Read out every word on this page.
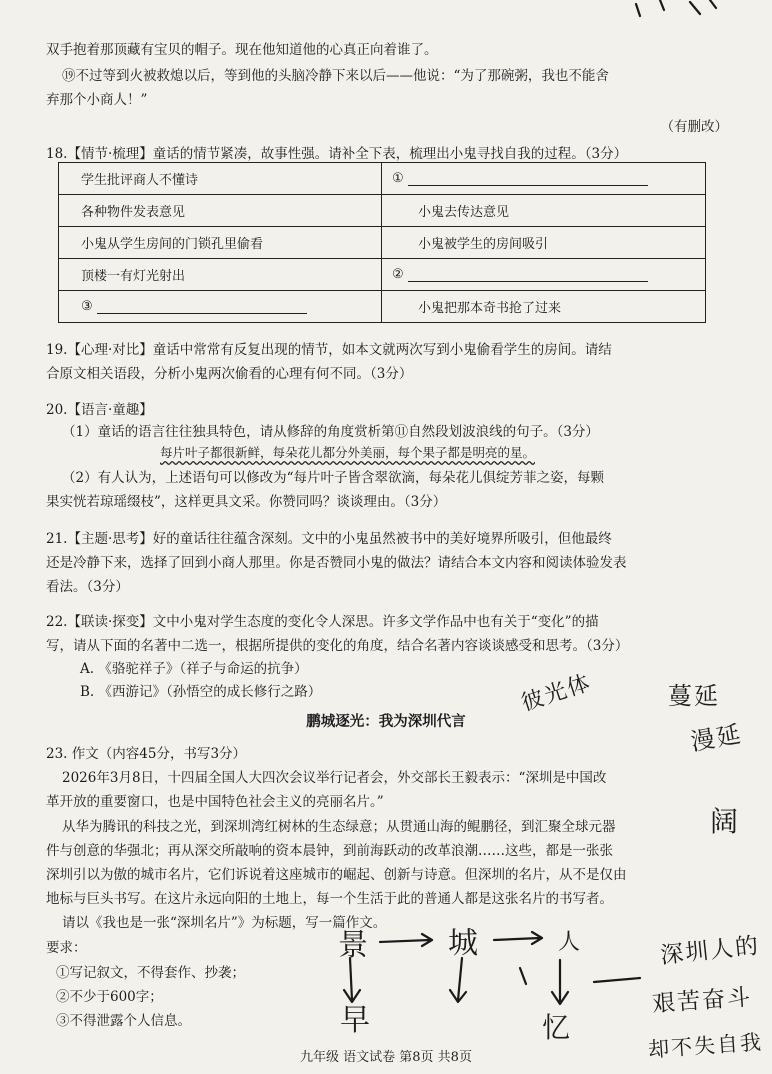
双手抱着那顶藏有宝贝的帽子。现在他知道他的心真正向着谁了。
⑲不过等到火被救熄以后，等到他的头脑冷静下来以后——他说：“为了那碗粥，我也不能舍
弃那个小商人！”
（有删改）
18.【情节·梳理】童话的情节紧凑，故事性强。请补全下表，梳理出小鬼寻找自我的过程。（3分）
学生批评商人不懂诗	①
各种物件发表意见	小鬼去传达意见
小鬼从学生房间的门锁孔里偷看	小鬼被学生的房间吸引
顶楼一有灯光射出	②
③	小鬼把那本奇书抢了过来
19.【心理·对比】童话中常常有反复出现的情节，如本文就两次写到小鬼偷看学生的房间。请结
合原文相关语段，分析小鬼两次偷看的心理有何不同。（3分）
20.【语言·童趣】
（1）童话的语言往往独具特色，请从修辞的角度赏析第⑪自然段划波浪线的句子。（3分）
每片叶子都很新鲜，每朵花儿都分外美丽，每个果子都是明亮的星。
（2）有人认为，上述语句可以修改为“每片叶子皆含翠欲滴，每朵花儿俱绽芳菲之姿，每颗
果实恍若琼瑶缀枝”，这样更具文采。你赞同吗？谈谈理由。（3分）
21.【主题·思考】好的童话往往蕴含深刻。文中的小鬼虽然被书中的美好境界所吸引，但他最终
还是冷静下来，选择了回到小商人那里。你是否赞同小鬼的做法？请结合本文内容和阅读体验发表
看法。（3分）
22.【联读·探变】文中小鬼对学生态度的变化令人深思。许多文学作品中也有关于“变化”的描
写，请从下面的名著中二选一，根据所提供的变化的角度，结合名著内容谈谈感受和思考。（3分）
A. 《骆驼祥子》（祥子与命运的抗争）
B. 《西游记》（孙悟空的成长修行之路）
鹏城逐光：我为深圳代言
23. 作文（内容45分，书写3分）
2026年3月8日，十四届全国人大四次会议举行记者会，外交部长王毅表示：“深圳是中国改
革开放的重要窗口，也是中国特色社会主义的亮丽名片。”
从华为腾讯的科技之光，到深圳湾红树林的生态绿意；从贯通山海的鲲鹏径，到汇聚全球元器
件与创意的华强北；再从深交所敲响的资本晨钟，到前海跃动的改革浪潮……这些，都是一张张
深圳引以为傲的城市名片，它们诉说着这座城市的崛起、创新与诗意。但深圳的名片，从不是仅由
地标与巨头书写。在这片永远向阳的土地上，每一个生活于此的普通人都是这张名片的书写者。
请以《我也是一张“深圳名片”》为标题，写一篇作文。
要求：
①写记叙文，不得套作、抄袭；
②不少于600字；
③不得泄露个人信息。
九年级 语文试卷 第8页 共8页
彼光体	蔓延
漫延
阔
景	城	人
早	忆
深圳人的
艰苦奋斗
却不失自我
